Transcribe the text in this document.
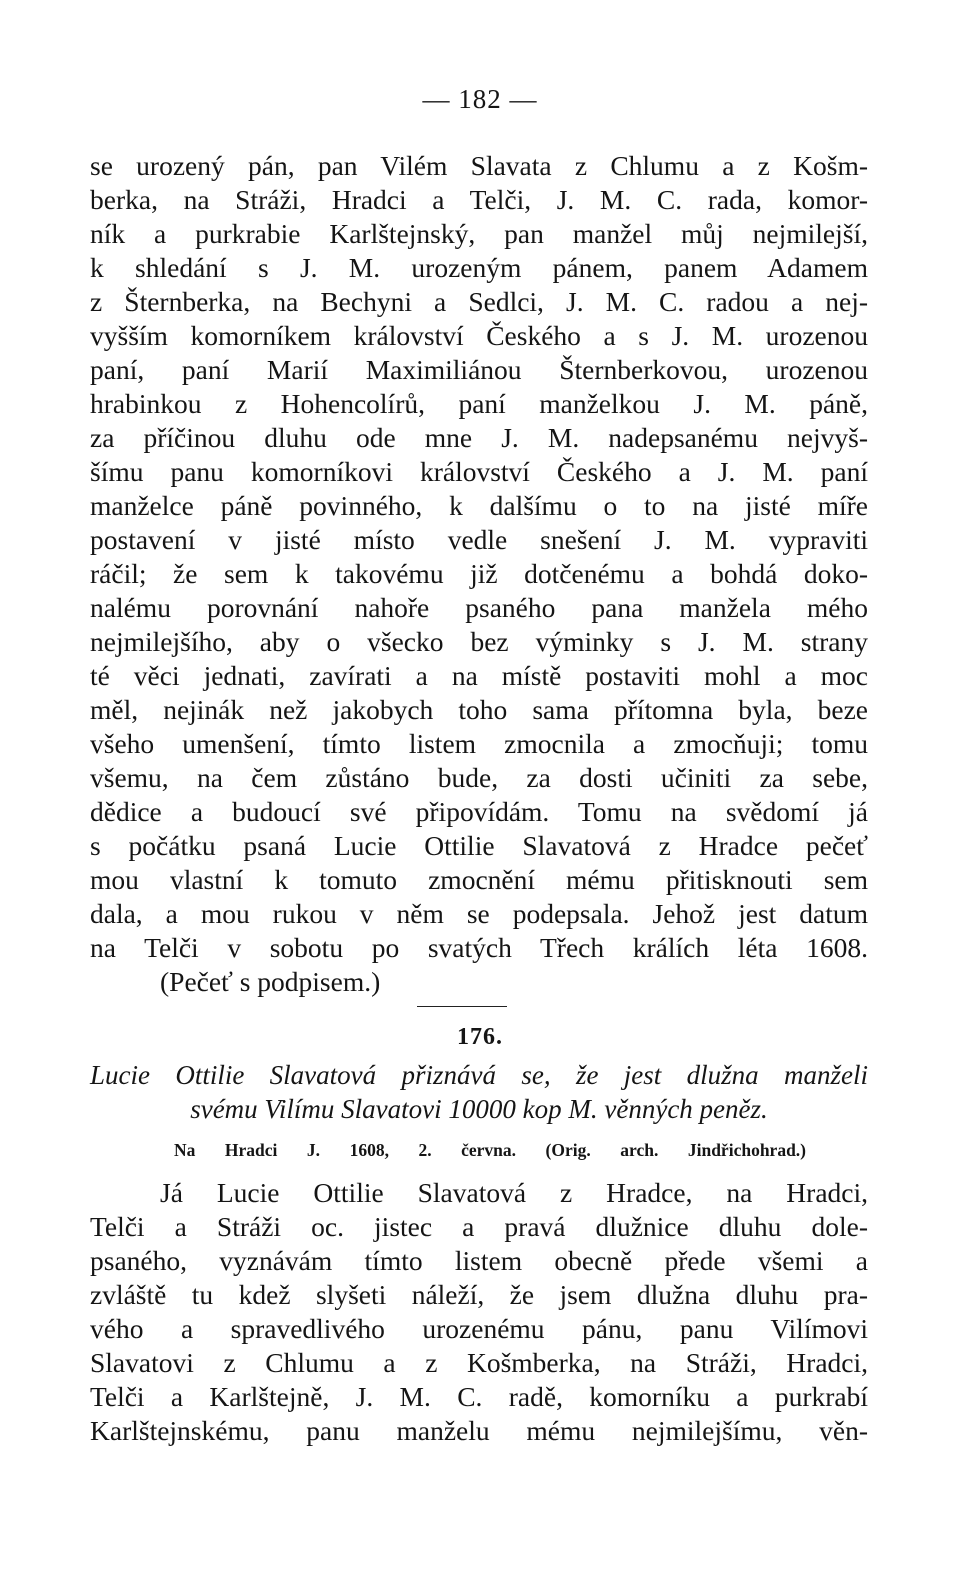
— 182 —
se urozený pán, pan Vilém Slavata z Chlumu a z Košm-
berka, na Stráži, Hradci a Telči, J. M. C. rada, komor-
ník a purkrabie Karlštejnský, pan manžel můj nejmilejší,
k shledání s J. M. urozeným pánem, panem Adamem
z Šternberka, na Bechyni a Sedlci, J. M. C. radou a nej-
vyšším komorníkem království Českého a s J. M. urozenou
paní, paní Marií Maximiliánou Šternberkovou, urozenou
hrabinkou z Hohencolírů, paní manželkou J. M. páně,
za příčinou dluhu ode mne J. M. nadepsanému nejvyš-
šímu panu komorníkovi království Českého a J. M. paní
manželce páně povinného, k dalšímu o to na jisté míře
postavení v jisté místo vedle snešení J. M. vypraviti
ráčil; že sem k takovému již dotčenému a bohdá doko-
nalému porovnání nahoře psaného pana manžela mého
nejmilejšího, aby o všecko bez výminky s J. M. strany
té věci jednati, zavírati a na místě postaviti mohl a moc
měl, nejinák než jakobych toho sama přítomna byla, beze
všeho umenšení, tímto listem zmocnila a zmocňuji; tomu
všemu, na čem zůstáno bude, za dosti učiniti za sebe,
dědice a budoucí své připovídám. Tomu na svědomí já
s počátku psaná Lucie Ottilie Slavatová z Hradce pečeť
mou vlastní k tomuto zmocnění mému přitisknouti sem
dala, a mou rukou v něm se podepsala. Jehož jest datum
na Telči v sobotu po svatých Třech králích léta 1608.
(Pečeť s podpisem.)
176.
Lucie Ottilie Slavatová přiznává se, že jest dlužna manželi
svému Vilímu Slavatovi 10000 kop M. věnných peněz.
Na Hradci J. 1608, 2. června. (Orig. arch. Jindřichohrad.)
Já Lucie Ottilie Slavatová z Hradce, na Hradci,
Telči a Stráži oc. jistec a pravá dlužnice dluhu dole-
psaného, vyznávám tímto listem obecně přede všemi a
zvláště tu kdež slyšeti náleží, že jsem dlužna dluhu pra-
vého a spravedlivého urozenému pánu, panu Vilímovi
Slavatovi z Chlumu a z Košmberka, na Stráži, Hradci,
Telči a Karlštejně, J. M. C. radě, komorníku a purkrabí
Karlštejnskému, panu manželu mému nejmilejšímu, věn-
